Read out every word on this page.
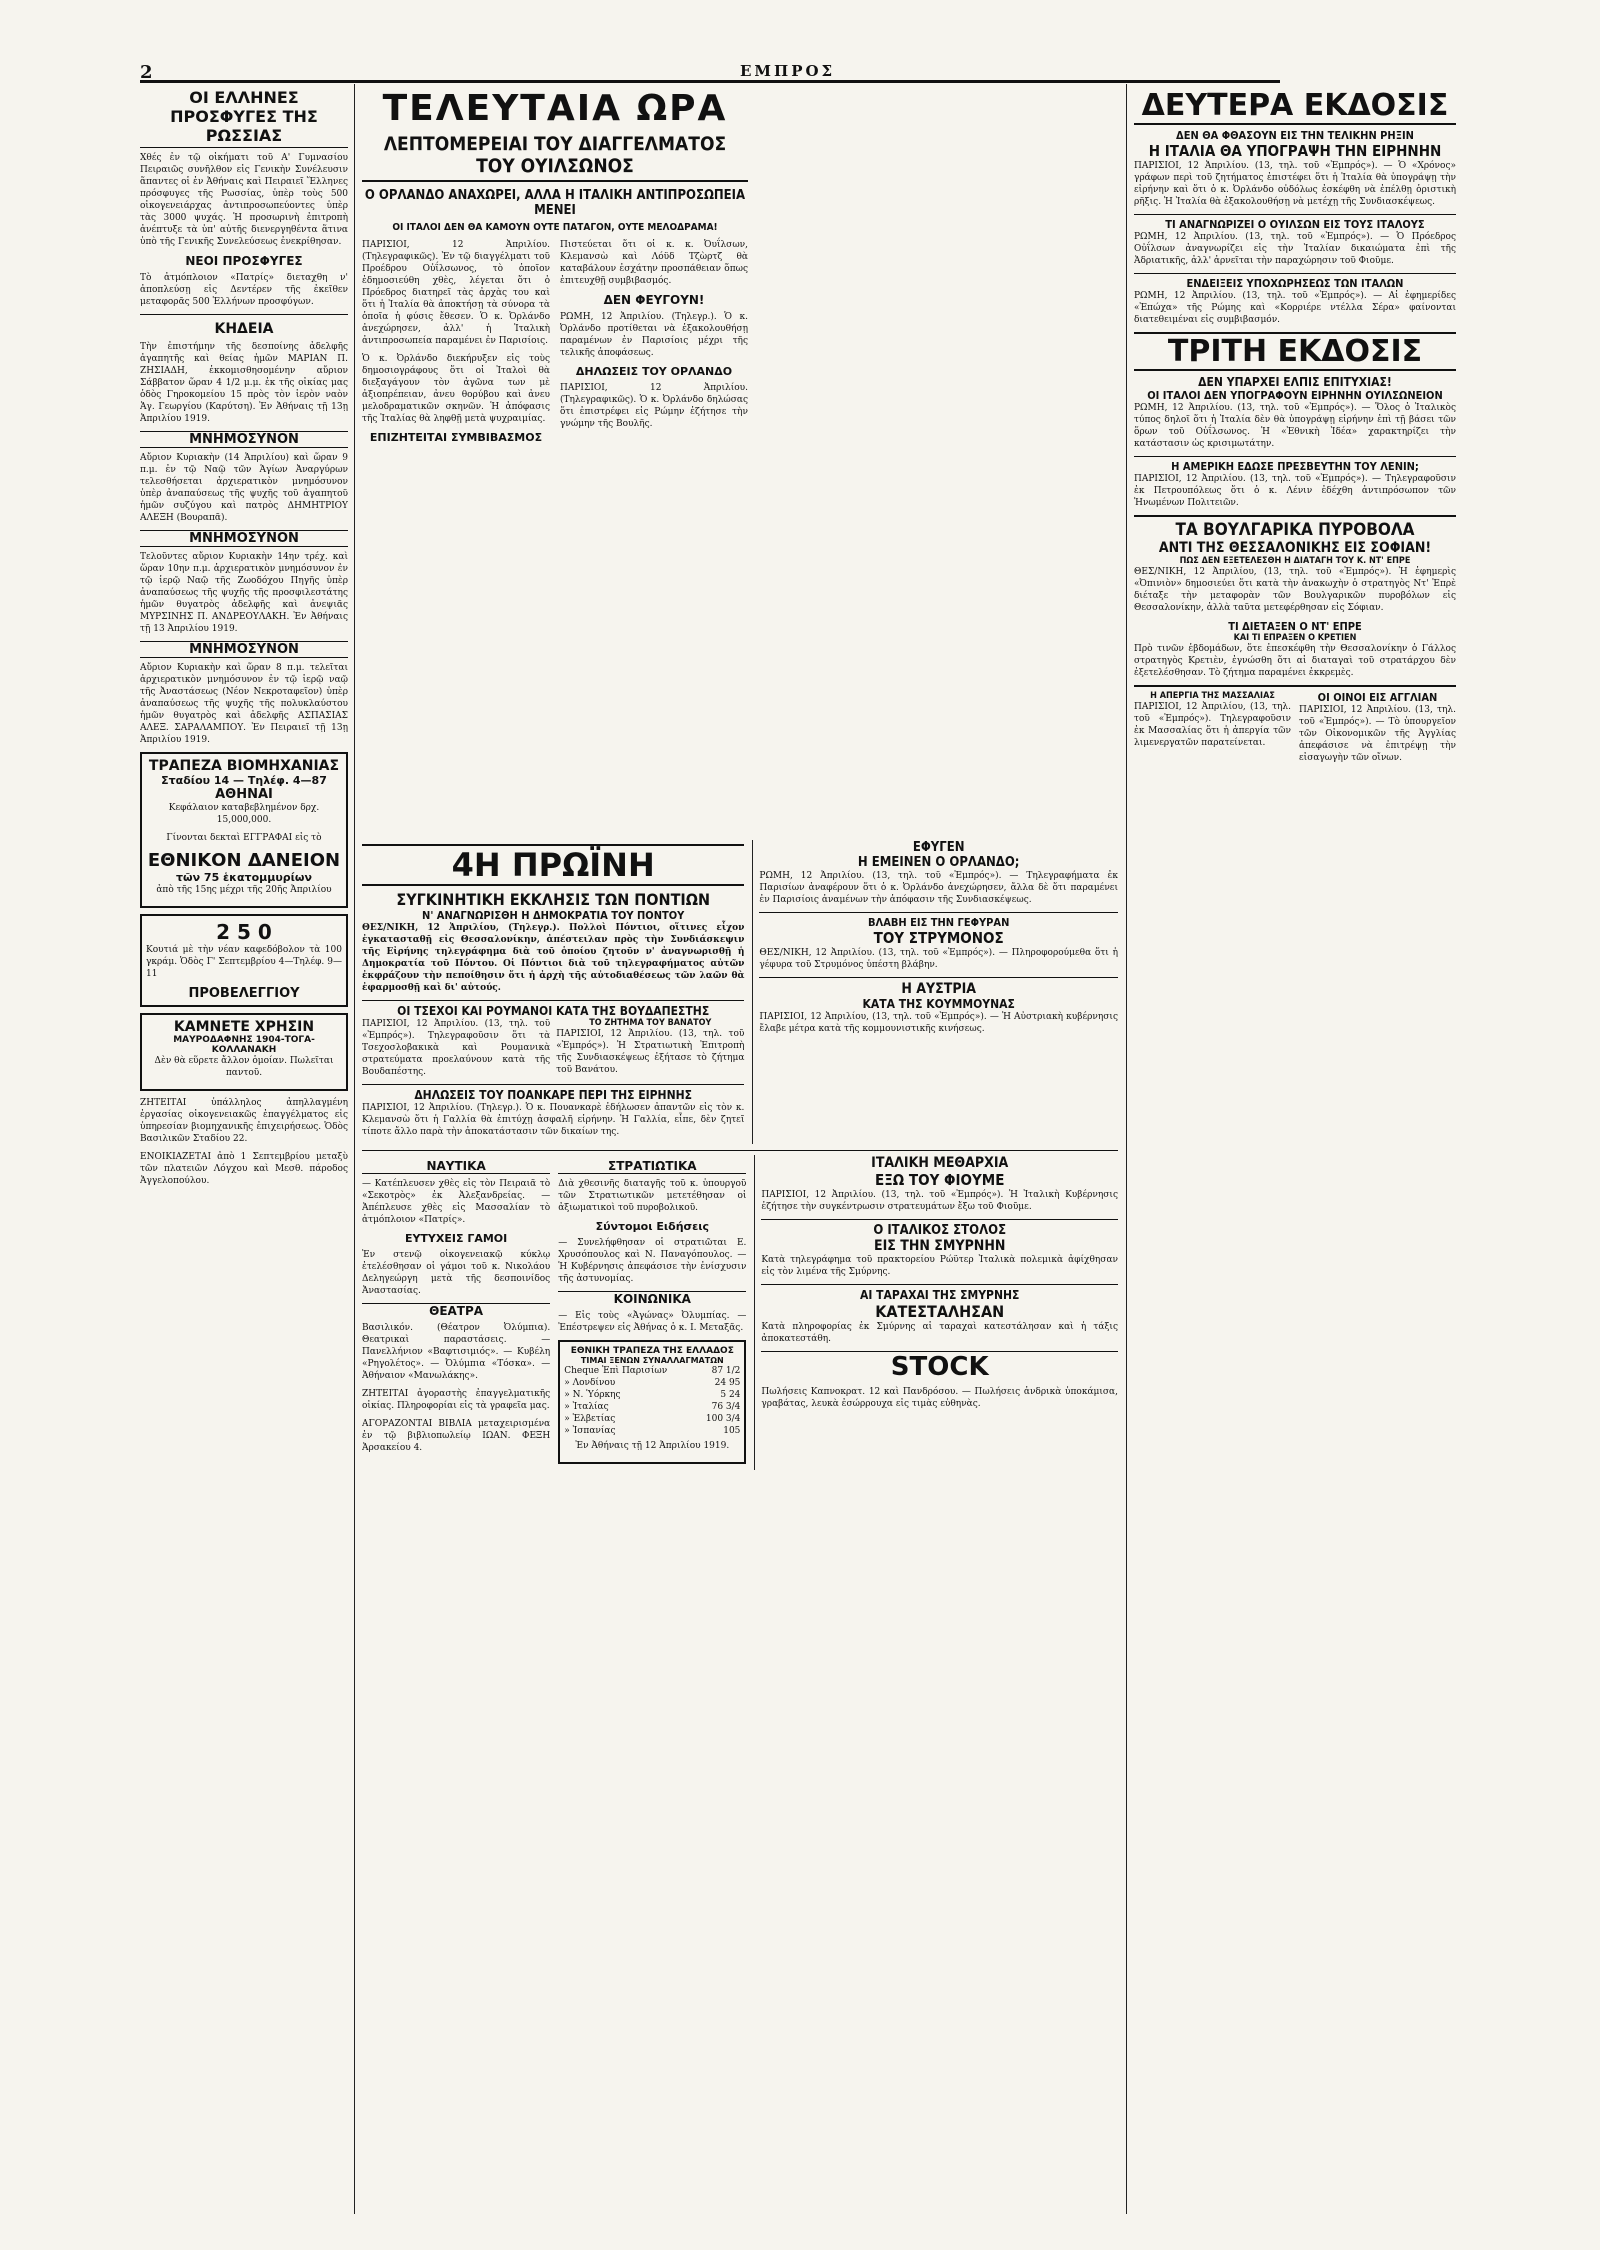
2	ΕΜΠΡΟΣ
ΟΙ ΕΛΛΗΝΕΣ ΠΡΟΣΦΥΓΕΣ ΤΗΣ ΡΩΣΣΙΑΣ

Χθές ἐν τῷ οἰκήματι τοῦ Α' Γυμνασίου Πειραιῶς συνῆλθον εἰς Γενικὴν Συνέλευσιν ἅπαντες οἱ ἐν Ἀθήναις καὶ Πειραιεῖ Ἕλληνες πρόσφυγες τῆς Ρωσσίας, ὑπὲρ τοὺς 500 οἰκογενειάρχας ἀντιπροσωπεύοντες ὑπὲρ τὰς 3000 ψυχάς. Ἡ προσωρινὴ ἐπιτροπὴ ἀνέπτυξε τὰ ὑπ' αὐτῆς διενεργηθέντα ἅτινα ὑπὸ τῆς Γενικῆς Συνελεύσεως ἐνεκρίθησαν.

ΝΕΟΙ ΠΡΟΣΦΥΓΕΣ

Τὸ ἀτμόπλοιον «Πατρίς» διεταχθη ν' ἀποπλεύσῃ εἰς Δεντέρεν τῆς ἐκεῖθεν μεταφορᾶς 500 Ἑλλήνων προσφύγων.

ΚΗΔΕΙΑ

Τὴν ἐπιστήμην τῆς δεσποίνης ἀδελφῆς ἀγαπητῆς καὶ θείας ἡμῶν ΜΑΡΙΑΝ Π. ΖΗΣΙΑΔΗ, ἐκκομισθησομένην αὔριον Σάββατον ὥραν 4 1/2 μ.μ. ἐκ τῆς οἰκίας μας ὁδὸς Γηροκομείου 15 πρὸς τὸν ἱερὸν ναὸν Ἁγ. Γεωργίου (Καρύτση). Ἐν Ἀθήναις τῇ 13ῃ Ἀπριλίου 1919.

ΜΝΗΜΟΣΥΝΟΝ

Αὔριον Κυριακὴν (14 Ἀπριλίου) καὶ ὥραν 9 π.μ. ἐν τῷ Ναῷ τῶν Ἁγίων Ἀναργύρων τελεσθήσεται ἀρχιερατικὸν μνημόσυνον ὑπὲρ ἀναπαύσεως τῆς ψυχῆς τοῦ ἀγαπητοῦ ἡμῶν συζύγου καὶ πατρὸς ΔΗΜΗΤΡΙΟΥ ΑΛΕΞΗ (Βουραπᾶ).

ΜΝΗΜΟΣΥΝΟΝ

Τελοῦντες αὔριον Κυριακὴν 14ην τρέχ. καὶ ὥραν 10ην π.μ. ἀρχιερατικὸν μνημόσυνον ἐν τῷ ἱερῷ Ναῷ τῆς Ζωοδόχου Πηγῆς ὑπὲρ ἀναπαύσεως τῆς ψυχῆς τῆς προσφιλεστάτης ἡμῶν θυγατρὸς ἀδελφῆς καὶ ἀνεψιᾶς ΜΥΡΣΙΝΗΣ Π. ΑΝΔΡΕΟΥΛΑΚΗ. Ἐν Ἀθήναις τῇ 13 Ἀπριλίου 1919.

ΜΝΗΜΟΣΥΝΟΝ

Αὔριον Κυριακὴν καὶ ὥραν 8 π.μ. τελεῖται ἀρχιερατικὸν μνημόσυνον ἐν τῷ ἱερῷ ναῷ τῆς Ἀναστάσεως (Νέον Νεκροταφεῖον) ὑπὲρ ἀναπαύσεως τῆς ψυχῆς τῆς πολυκλαύστου ἡμῶν θυγατρὸς καὶ ἀδελφῆς ΑΣΠΑΣΙΑΣ ΑΛΕΞ. ΣΑΡΑΛΑΜΠΟΥ. Ἐν Πειραιεῖ τῇ 13ῃ Ἀπριλίου 1919.

ΤΡΑΠΕΖΑ ΒΙΟΜΗΧΑΝΙΑΣ
Σταδίου 14 — Τηλέφ. 4—87
ΑΘΗΝΑΙ
Κεφάλαιον καταβεβλημένον δρχ. 15,000,000.
Γίνονται δεκταὶ ΕΓΓΡΑΦΑΙ εἰς τὸ
ΕΘΝΙΚΟΝ ΔΑΝΕΙΟΝ
τῶν 75 ἑκατομμυρίων
ἀπὸ τῆς 15ης μέχρι τῆς 20ῆς Ἀπριλίου
2 5 0
Κουτιά μὲ τὴν νέαν καφεδόβολον τὰ 100 γκράμ. Ὁδὸς Γ' Σεπτεμβρίου 4—Τηλέφ. 9—11
ΠΡΟΒΕΛΕΓΓΙΟΥ
ΚΑΜΝΕΤΕ ΧΡΗΣΙΝ
ΜΑΥΡΟΔΑΦΝΗΣ 1904-ΤΟΓΑ-ΚΟΛΛΑΝΑΚΗ
Δὲν θὰ εὕρετε ἄλλον ὁμοίαν. Πωλεῖται παντοῦ.

ΖΗΤΕΙΤΑΙ ὑπάλληλος ἀπηλλαγμένη ἐργασίας οἰκογενειακῶς ἐπαγγέλματος εἰς ὑπηρεσίαν βιομηχανικῆς ἐπιχειρήσεως. Ὁδὸς Βασιλικῶν Σταδίου 22.

ΕΝΟΙΚΙΑΖΕΤΑΙ ἀπὸ 1 Σεπτεμβρίου μεταξὺ τῶν πλατειῶν Λόγχου καὶ Μεσθ. πάροδος Ἀγγελοπούλου.

ΤΕΛΕΥΤΑΙΑ ΩΡΑ
ΛΕΠΤΟΜΕΡΕΙΑΙ ΤΟΥ ΔΙΑΓΓΕΛΜΑΤΟΣ ΤΟΥ ΟΥΙΛΣΩΝΟΣ
Ο ΟΡΛΑΝΔΟ ΑΝΑΧΩΡΕΙ, ΑΛΛΑ Η ΙΤΑΛΙΚΗ ΑΝΤΙΠΡΟΣΩΠΕΙΑ ΜΕΝΕΙ
ΟΙ ΙΤΑΛΟΙ ΔΕΝ ΘΑ ΚΑΜΟΥΝ ΟΥΤΕ ΠΑΤΑΓΟΝ, ΟΥΤΕ ΜΕΛΟΔΡΑΜΑ!

ΠΑΡΙΣΙΟΙ, 12 Ἀπριλίου. (Τηλεγραφικῶς). Ἐν τῷ διαγγέλματι τοῦ Προέδρου Οὐΐλσωνος, τὸ ὁποῖον ἐδημοσιεύθη χθὲς, λέγεται ὅτι ὁ Πρόεδρος διατηρεῖ τὰς ἀρχὰς του καὶ ὅτι ἡ Ἰταλία θὰ ἀποκτήσῃ τὰ σύνορα τὰ ὁποῖα ἡ φύσις ἔθεσεν. Ὁ κ. Ὀρλάνδο ἀνεχώρησεν, ἀλλ' ἡ Ἰταλικὴ ἀντιπροσωπεία παραμένει ἐν Παρισίοις.

Ὁ κ. Ὀρλάνδο διεκήρυξεν εἰς τοὺς δημοσιογράφους ὅτι οἱ Ἰταλοὶ θὰ διεξαγάγουν τὸν ἀγῶνα των μὲ ἀξιοπρέπειαν, ἀνευ θορύβου καὶ ἀνευ μελοδραματικῶν σκηνῶν. Ἡ ἀπόφασις τῆς Ἰταλίας θὰ ληφθῇ μετὰ ψυχραιμίας.

ΕΠΙΖΗΤΕΙΤΑΙ ΣΥΜΒΙΒΑΣΜΟΣ

Πιστεύεται ὅτι οἱ κ. κ. Ὀυΐλσων, Κλεμανσὼ καὶ Λόϋδ Τζὼρτζ θὰ καταβάλουν ἐσχάτην προσπάθειαν ὅπως ἐπιτευχθῇ συμβιβασμός.

ΔΕΝ ΦΕΥΓΟΥΝ!

ΡΩΜΗ, 12 Ἀπριλίου. (Τηλεγρ.). Ὁ κ. Ὀρλάνδο προτίθεται νὰ ἐξακολουθήσῃ παραμένων ἐν Παρισίοις μέχρι τῆς τελικῆς ἀποφάσεως.

ΔΗΛΩΣΕΙΣ ΤΟΥ ΟΡΛΑΝΔΟ

ΠΑΡΙΣΙΟΙ, 12 Ἀπριλίου. (Τηλεγραφικῶς). Ὁ κ. Ὀρλάνδο δηλώσας ὅτι ἐπιστρέφει εἰς Ρώμην ἐζήτησε τὴν γνώμην τῆς Βουλῆς.

ΔΕΥΤΕΡΑ ΕΚΔΟΣΙΣ
ΔΕΝ ΘΑ ΦΘΑΣΟΥΝ ΕΙΣ ΤΗΝ ΤΕΛΙΚΗΝ ΡΗΞΙΝ
Η ΙΤΑΛΙΑ ΘΑ ΥΠΟΓΡΑΨΗ ΤΗΝ ΕΙΡΗΝΗΝ

ΠΑΡΙΣΙΟΙ, 12 Ἀπριλίου. (13, τηλ. τοῦ «Ἐμπρός»). — Ὁ «Χρόνος» γράφων περὶ τοῦ ζητήματος ἐπιστέφει ὅτι ἡ Ἰταλία θὰ ὑπογράψῃ τὴν εἰρήνην καὶ ὅτι ὁ κ. Ὀρλάνδο οὐδόλως ἐσκέφθη νὰ ἐπέλθῃ ὁριστικὴ ρῆξις. Ἡ Ἰταλία θὰ ἐξακολουθήσῃ νὰ μετέχῃ τῆς Συνδιασκέψεως.

ΤΙ ΑΝΑΓΝΩΡΙΖΕΙ Ο ΟΥΙΛΣΩΝ ΕΙΣ ΤΟΥΣ ΙΤΑΛΟΥΣ

ΡΩΜΗ, 12 Ἀπριλίου. (13, τηλ. τοῦ «Ἐμπρός»). — Ὁ Πρόεδρος Οὐΐλσων ἀναγνωρίζει εἰς τὴν Ἰταλίαν δικαιώματα ἐπὶ τῆς Ἀδριατικῆς, ἀλλ' ἀρνεῖται τὴν παραχώρησιν τοῦ Φιοῦμε.

ΕΝΔΕΙΞΕΙΣ ΥΠΟΧΩΡΗΣΕΩΣ ΤΩΝ ΙΤΑΛΩΝ

ΡΩΜΗ, 12 Ἀπριλίου. (13, τηλ. τοῦ «Ἐμπρός»). — Αἱ ἐφημερίδες «Ἐπώχα» τῆς Ρώμης καὶ «Κορριέρε ντέλλα Σέρα» φαίνονται διατεθειμέναι εἰς συμβιβασμόν.

ΤΡΙΤΗ ΕΚΔΟΣΙΣ
ΔΕΝ ΥΠΑΡΧΕΙ ΕΛΠΙΣ ΕΠΙΤΥΧΙΑΣ!
ΟΙ ΙΤΑΛΟΙ ΔΕΝ ΥΠΟΓΡΑΦΟΥΝ ΕΙΡΗΝΗΝ ΟΥΙΛΣΩΝΕΙΟΝ

ΡΩΜΗ, 12 Ἀπριλίου. (13, τηλ. τοῦ «Ἐμπρός»). — Ὅλος ὁ Ἰταλικὸς τύπος δηλοῖ ὅτι ἡ Ἰταλία δὲν θὰ ὑπογράψῃ εἰρήνην ἐπὶ τῇ βάσει τῶν ὅρων τοῦ Οὐΐλσωνος. Ἡ «Ἐθνικὴ Ἰδέα» χαρακτηρίζει τὴν κατάστασιν ὡς κρισιμωτάτην.

Η ΑΜΕΡΙΚΗ ΕΔΩΣΕ ΠΡΕΣΒΕΥΤΗΝ ΤΟΥ ΛΕΝΙΝ;

ΠΑΡΙΣΙΟΙ, 12 Ἀπριλίου. (13, τηλ. τοῦ «Ἐμπρός»). — Τηλεγραφοῦσιν ἐκ Πετρουπόλεως ὅτι ὁ κ. Λένιν ἐδέχθη ἀντιπρόσωπον τῶν Ἡνωμένων Πολιτειῶν.

ΤΑ ΒΟΥΛΓΑΡΙΚΑ ΠΥΡΟΒΟΛΑ
ΑΝΤΙ ΤΗΣ ΘΕΣΣΑΛΟΝΙΚΗΣ ΕΙΣ ΣΟΦΙΑΝ!
ΠΩΣ ΔΕΝ ΕΞΕΤΕΛΕΣΘΗ Η ΔΙΑΤΑΓΗ ΤΟΥ Κ. ΝΤ' ΕΠΡΕ

ΘΕΣ/ΝΙΚΗ, 12 Ἀπριλίου, (13, τηλ. τοῦ «Ἐμπρός»). Ἡ ἐφημερὶς «Ὀπινιὸν» δημοσιεύει ὅτι κατὰ τὴν ἀνακωχὴν ὁ στρατηγὸς Ντ' Ἐπρὲ διέταξε τὴν μεταφορὰν τῶν Βουλγαρικῶν πυροβόλων εἰς Θεσσαλονίκην, ἀλλὰ ταῦτα μετεφέρθησαν εἰς Σόφιαν.

ΤΙ ΔΙΕΤΑΞΕΝ Ο ΝΤ' ΕΠΡΕ
ΚΑΙ ΤΙ ΕΠΡΑΞΕΝ Ο ΚΡΕΤΙΕΝ

Πρὸ τινῶν ἑβδομάδων, ὅτε ἐπεσκέφθη τὴν Θεσσαλονίκην ὁ Γάλλος στρατηγὸς Κρετιὲν, ἐγνώσθη ὅτι αἱ διαταγαὶ τοῦ στρατάρχου δὲν ἐξετελέσθησαν. Τὸ ζήτημα παραμένει ἐκκρεμὲς.

Η ΑΠΕΡΓΙΑ ΤΗΣ ΜΑΣΣΑΛΙΑΣ

ΠΑΡΙΣΙΟΙ, 12 Ἀπριλίου, (13, τηλ. τοῦ «Ἐμπρός»). Τηλεγραφοῦσιν ἐκ Μασσαλίας ὅτι ἡ ἀπεργία τῶν λιμενεργατῶν παρατείνεται.

ΟΙ ΟΙΝΟΙ ΕΙΣ ΑΓΓΛΙΑΝ

ΠΑΡΙΣΙΟΙ, 12 Ἀπριλίου. (13, τηλ. τοῦ «Ἐμπρός»). — Τὸ ὑπουργεῖον τῶν Οἰκονομικῶν τῆς Ἀγγλίας ἀπεφάσισε νὰ ἐπιτρέψῃ τὴν εἰσαγωγὴν τῶν οἴνων.

4Η ΠΡΩΪΝΗ
ΣΥΓΚΙΝΗΤΙΚΗ ΕΚΚΛΗΣΙΣ ΤΩΝ ΠΟΝΤΙΩΝ
Ν' ΑΝΑΓΝΩΡΙΣΘΗ Η ΔΗΜΟΚΡΑΤΙΑ ΤΟΥ ΠΟΝΤΟΥ

ΘΕΣ/ΝΙΚΗ, 12 Ἀπριλίου, (Τηλεγρ.). Πολλοὶ Πόντιοι, οἵτινες εἶχον ἐγκατασταθῇ εἰς Θεσσαλονίκην, ἀπέστειλαν πρὸς τὴν Συνδιάσκεψιν τῆς Εἰρήνης τηλεγράφημα διὰ τοῦ ὁποίου ζητοῦν ν' ἀναγνωρισθῇ ἡ Δημοκρατία τοῦ Πόντου. Οἱ Πόντιοι διὰ τοῦ τηλεγραφήματος αὐτῶν ἐκφράζουν τὴν πεποίθησιν ὅτι ἡ ἀρχὴ τῆς αὐτοδιαθέσεως τῶν λαῶν θὰ ἐφαρμοσθῇ καὶ δι' αὐτούς.

ΟΙ ΤΣΕΧΟΙ ΚΑΙ ΡΟΥΜΑΝΟΙ ΚΑΤΑ ΤΗΣ ΒΟΥΔΑΠΕΣΤΗΣ

ΠΑΡΙΣΙΟΙ, 12 Ἀπριλίου. (13, τηλ. τοῦ «Ἐμπρός»). Τηλεγραφοῦσιν ὅτι τὰ Τσεχοσλοβακικὰ καὶ Ρουμανικὰ στρατεύματα προελαύνουν κατὰ τῆς Βουδαπέστης.

ΤΟ ΖΗΤΗΜΑ ΤΟΥ ΒΑΝΑΤΟΥ

ΠΑΡΙΣΙΟΙ, 12 Ἀπριλίου. (13, τηλ. τοῦ «Ἐμπρός»). Ἡ Στρατιωτικὴ Ἐπιτροπὴ τῆς Συνδιασκέψεως ἐξήτασε τὸ ζήτημα τοῦ Βανάτου.

ΔΗΛΩΣΕΙΣ ΤΟΥ ΠΟΑΝΚΑΡΕ ΠΕΡΙ ΤΗΣ ΕΙΡΗΝΗΣ

ΠΑΡΙΣΙΟΙ, 12 Ἀπριλίου. (Τηλεγρ.). Ὁ κ. Πουανκαρὲ ἐδήλωσεν ἀπαντῶν εἰς τὸν κ. Κλεμανσὼ ὅτι ἡ Γαλλία θὰ ἐπιτύχῃ ἀσφαλῆ εἰρήνην. Ἡ Γαλλία, εἶπε, δὲν ζητεῖ τίποτε ἄλλο παρὰ τὴν ἀποκατάστασιν τῶν δικαίων της.

ΕΦΥΓΕΝ
Η ΕΜΕΙΝΕΝ Ο ΟΡΛΑΝΔΟ;

ΡΩΜΗ, 12 Ἀπριλίου. (13, τηλ. τοῦ «Ἐμπρός»). — Τηλεγραφήματα ἐκ Παρισίων ἀναφέρουν ὅτι ὁ κ. Ὀρλάνδο ἀνεχώρησεν, ἄλλα δὲ ὅτι παραμένει ἐν Παρισίοις ἀναμένων τὴν ἀπόφασιν τῆς Συνδιασκέψεως.

ΒΛΑΒΗ ΕΙΣ ΤΗΝ ΓΕΦΥΡΑΝ
ΤΟΥ ΣΤΡΥΜΟΝΟΣ

ΘΕΣ/ΝΙΚΗ, 12 Ἀπριλίου. (13, τηλ. τοῦ «Ἐμπρός»). — Πληροφορούμεθα ὅτι ἡ γέφυρα τοῦ Στρυμόνος ὑπέστη βλάβην.

Η ΑΥΣΤΡΙΑ
ΚΑΤΑ ΤΗΣ ΚΟΥΜΜΟΥΝΑΣ

ΠΑΡΙΣΙΟΙ, 12 Ἀπριλίου, (13, τηλ. τοῦ «Ἐμπρός»). — Ἡ Αὐστριακὴ κυβέρνησις ἔλαβε μέτρα κατὰ τῆς κομμουνιστικῆς κινήσεως.

ΝΑΥΤΙΚΑ

— Κατέπλευσεν χθὲς εἰς τὸν Πειραιᾶ τὸ «Σεκοτρὸς» ἐκ Ἀλεξανδρείας. — Ἀπέπλευσε χθὲς εἰς Μασσαλίαν τὸ ἀτμόπλοιον «Πατρίς».

ΕΥΤΥΧΕΙΣ ΓΑΜΟΙ

Ἐν στενῷ οἰκογενειακῷ κύκλῳ ἐτελέσθησαν οἱ γάμοι τοῦ κ. Νικολάου Δεληγεώργη μετὰ τῆς δεσποινίδος Ἀναστασίας.

ΘΕΑΤΡΑ

Βασιλικόν. (Θέατρον Ὀλύμπια). Θεατρικαὶ παραστάσεις. — Πανελλήνιον «Βαφτισιμιός». — Κυβέλη «Ρηγολέτος». — Ὀλύμπια «Τόσκα». — Ἀθήναιον «Μανωλάκης».

ΖΗΤΕΙΤΑΙ ἀγοραστὴς ἐπαγγελματικῆς οἰκίας. Πληροφορίαι εἰς τὰ γραφεῖα μας.

ΑΓΟΡΑΖΟΝΤΑΙ ΒΙΒΛΙΑ μεταχειρισμένα ἐν τῷ βιβλιοπωλείῳ ΙΩΑΝ. ΦΕΞΗ Ἀρσακείου 4.

ΣΤΡΑΤΙΩΤΙΚΑ

Διὰ χθεσινῆς διαταγῆς τοῦ κ. ὑπουργοῦ τῶν Στρατιωτικῶν μετετέθησαν οἱ ἀξιωματικοὶ τοῦ πυροβολικοῦ.

Σύντομοι Ειδήσεις

— Συνελήφθησαν οἱ στρατιῶται Ε. Χρυσόπουλος καὶ Ν. Παναγόπουλος. — Ἡ Κυβέρνησις ἀπεφάσισε τὴν ἐνίσχυσιν τῆς ἀστυνομίας.

ΚΟΙΝΩΝΙΚΑ

— Εἰς τοὺς «Ἀγώνας» Ὀλυμπίας. — Ἐπέστρεψεν εἰς Ἀθήνας ὁ κ. Ι. Μεταξᾶς.

ΕΘΝΙΚΗ ΤΡΑΠΕΖΑ ΤΗΣ ΕΛΛΑΔΟΣ
ΤΙΜΑΙ ΞΕΝΩΝ ΣΥΝΑΛΛΑΓΜΑΤΩΝ
Cheque Ἐπὶ Παρισίων	87 1/2
» Λονδίνου	24 95
» Ν. Ὑόρκης	5 24
» Ἰταλίας	76 3/4
» Ἑλβετίας	100 3/4
» Ἰσπανίας	105
Ἐν Ἀθήναις τῇ 12 Ἀπριλίου 1919.
ΙΤΑΛΙΚΗ ΜΕΘΑΡΧΙΑ
ΕΞΩ ΤΟΥ ΦΙΟΥΜΕ

ΠΑΡΙΣΙΟΙ, 12 Ἀπριλίου. (13, τηλ. τοῦ «Ἐμπρός»). Ἡ Ἰταλικὴ Κυβέρνησις ἐζήτησε τὴν συγκέντρωσιν στρατευμάτων ἔξω τοῦ Φιοῦμε.

Ο ΙΤΑΛΙΚΟΣ ΣΤΟΛΟΣ
ΕΙΣ ΤΗΝ ΣΜΥΡΝΗΝ

Κατὰ τηλεγράφημα τοῦ πρακτορείου Ρώϋτερ Ἰταλικὰ πολεμικὰ ἀφίχθησαν εἰς τὸν λιμένα τῆς Σμύρνης.

ΑΙ ΤΑΡΑΧΑΙ ΤΗΣ ΣΜΥΡΝΗΣ
ΚΑΤΕΣΤΑΛΗΣΑΝ

Κατὰ πληροφορίας ἐκ Σμύρνης αἱ ταραχαὶ κατεστάλησαν καὶ ἡ τάξις ἀποκατεστάθη.

STOCK

Πωλήσεις Καπνοκρατ. 12 καὶ Πανδρόσου. — Πωλήσεις ἀνδρικὰ ὑποκάμισα, γραβάτας, λευκὰ ἐσώρρουχα εἰς τιμὰς εὐθηνὰς.
